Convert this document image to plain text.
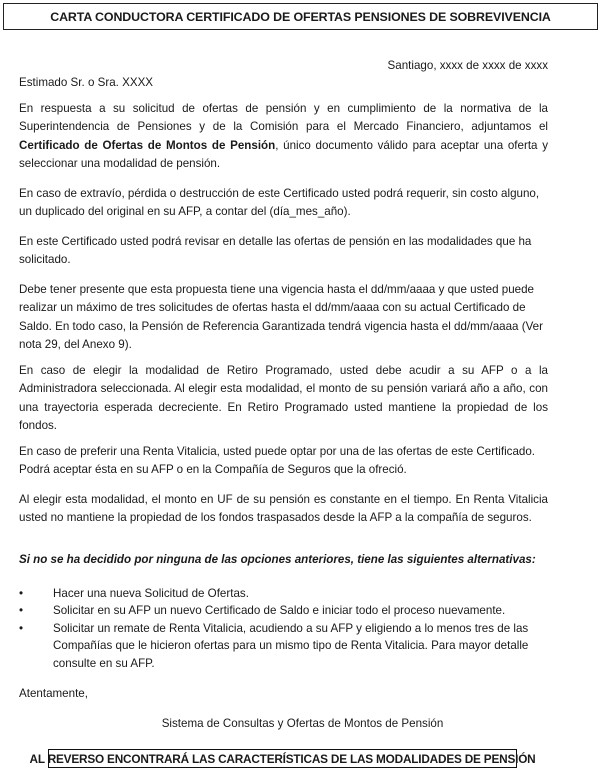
CARTA CONDUCTORA CERTIFICADO DE OFERTAS PENSIONES DE SOBREVIVENCIA
Santiago, xxxx de xxxx de xxxx
Estimado Sr. o Sra. XXXX

En respuesta a su solicitud de ofertas de pensión y en cumplimiento de la normativa de la Superintendencia de Pensiones y de la Comisión para el Mercado Financiero, adjuntamos el Certificado de Ofertas de Montos de Pensión, único documento válido para aceptar una oferta y seleccionar una modalidad de pensión.

En caso de extravío, pérdida o destrucción de este Certificado usted podrá requerir, sin costo alguno, un duplicado del original en su AFP, a contar del (día_mes_año).

En este Certificado usted podrá revisar en detalle las ofertas de pensión en las modalidades que ha solicitado.

Debe tener presente que esta propuesta tiene una vigencia hasta el dd/mm/aaaa y que usted puede realizar un máximo de tres solicitudes de ofertas hasta el dd/mm/aaaa con su actual Certificado de Saldo. En todo caso, la Pensión de Referencia Garantizada tendrá vigencia hasta el dd/mm/aaaa (Ver nota 29, del Anexo 9).

En caso de elegir la modalidad de Retiro Programado, usted debe acudir a su AFP o a la Administradora seleccionada. Al elegir esta modalidad, el monto de su pensión variará año a año, con una trayectoria esperada decreciente. En Retiro Programado usted mantiene la propiedad de los fondos.

En caso de preferir una Renta Vitalicia, usted puede optar por una de las ofertas de este Certificado. Podrá aceptar ésta en su AFP o en la Compañía de Seguros que la ofreció.

Al elegir esta modalidad, el monto en UF de su pensión es constante en el tiempo. En Renta Vitalicia usted no mantiene la propiedad de los fondos traspasados desde la AFP a la compañía de seguros.

Si no se ha decidido por ninguna de las opciones anteriores, tiene las siguientes alternativas:
•	Hacer una nueva Solicitud de Ofertas.
•	Solicitar en su AFP un nuevo Certificado de Saldo e iniciar todo el proceso nuevamente.
•	Solicitar un remate de Renta Vitalicia, acudiendo a su AFP y eligiendo a lo menos tres de las Compañías que le hicieron ofertas para un mismo tipo de Renta Vitalicia. Para mayor detalle consulte en su AFP.
Atentamente,
Sistema de Consultas y Ofertas de Montos de Pensión
AL REVERSO ENCONTRARÁ LAS CARACTERÍSTICAS DE LAS MODALIDADES DE PENSIÓN
